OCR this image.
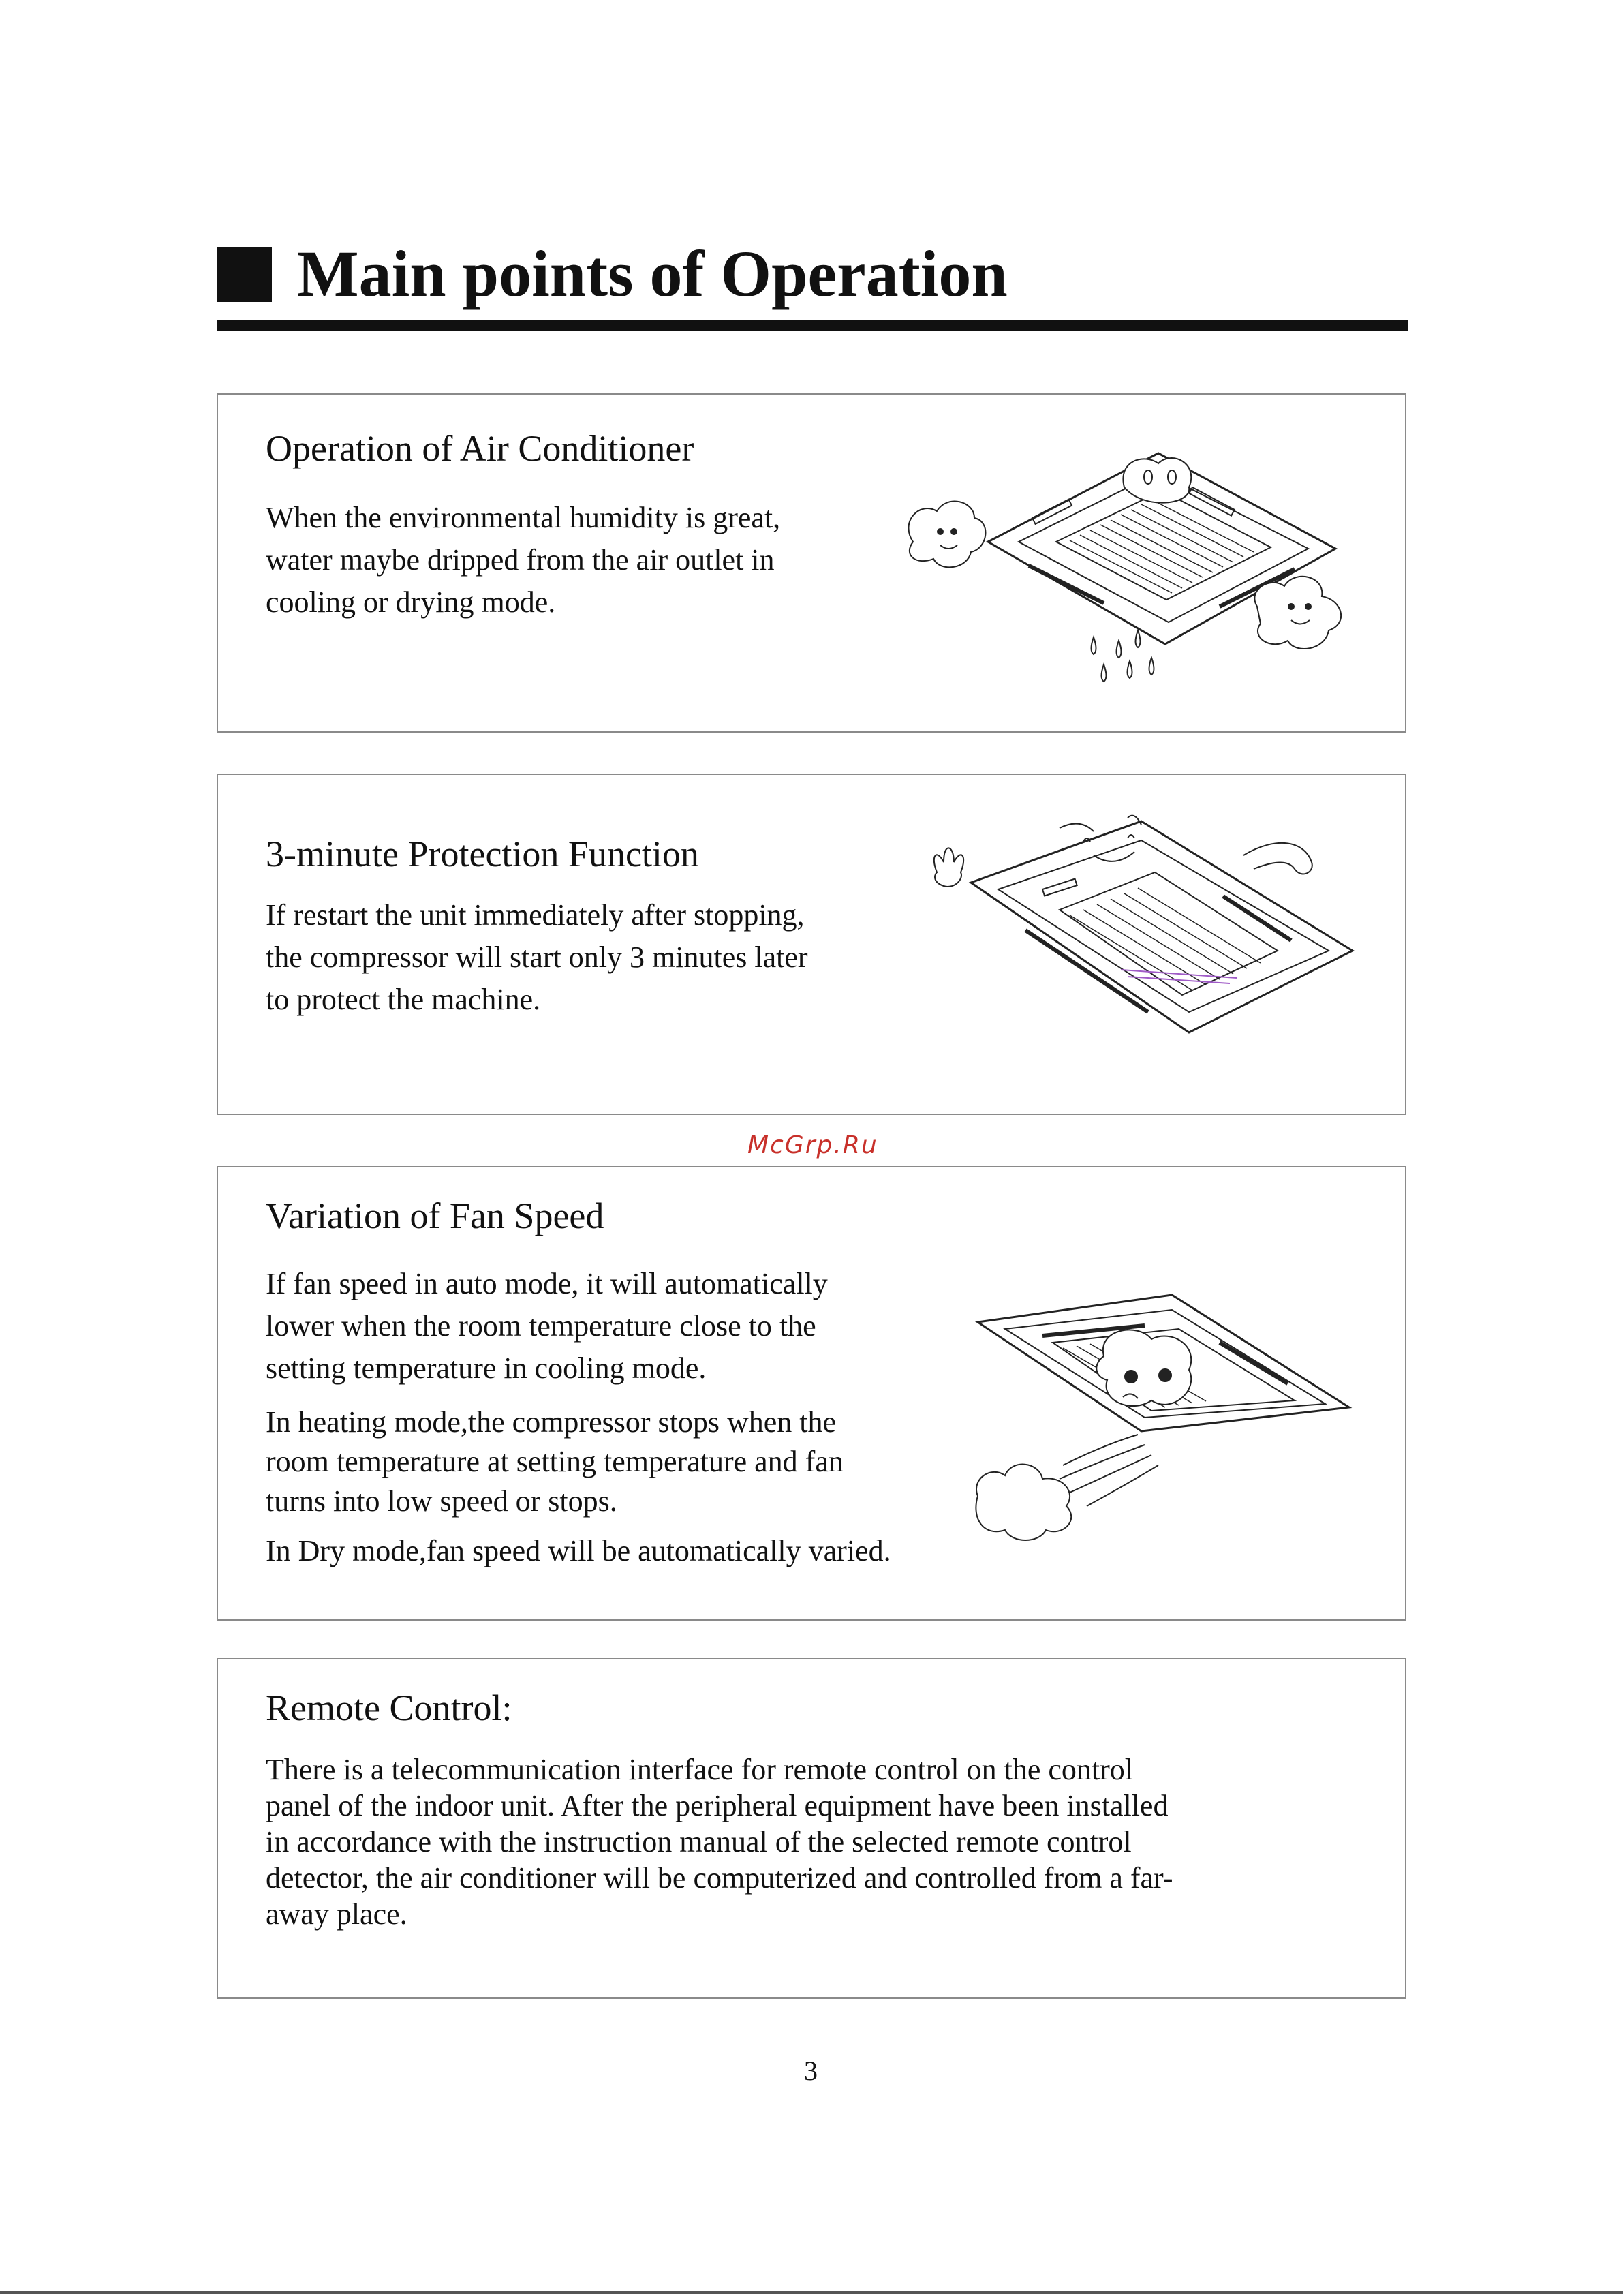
Main points of Operation
Operation of Air Conditioner
When the environmental humidity is great,
water maybe dripped from the air outlet in
cooling or drying mode.
3-minute Protection Function
If restart the unit immediately after stopping,
the compressor will start only 3 minutes later
to protect the machine.
McGrp.Ru
Variation of Fan Speed
If fan speed in auto mode, it will automatically
lower when the room temperature close to the
setting temperature in cooling mode.
In heating mode,the compressor stops when the
room temperature at setting temperature and fan
turns into low speed or stops.
In Dry mode,fan speed will be automatically varied.
Remote Control:
There is a telecommunication interface for remote control on the control
panel of the indoor unit. After the peripheral equipment have been installed
in accordance with the instruction manual of the selected remote control
detector, the air conditioner will be computerized and controlled from a far-
away place.
3
